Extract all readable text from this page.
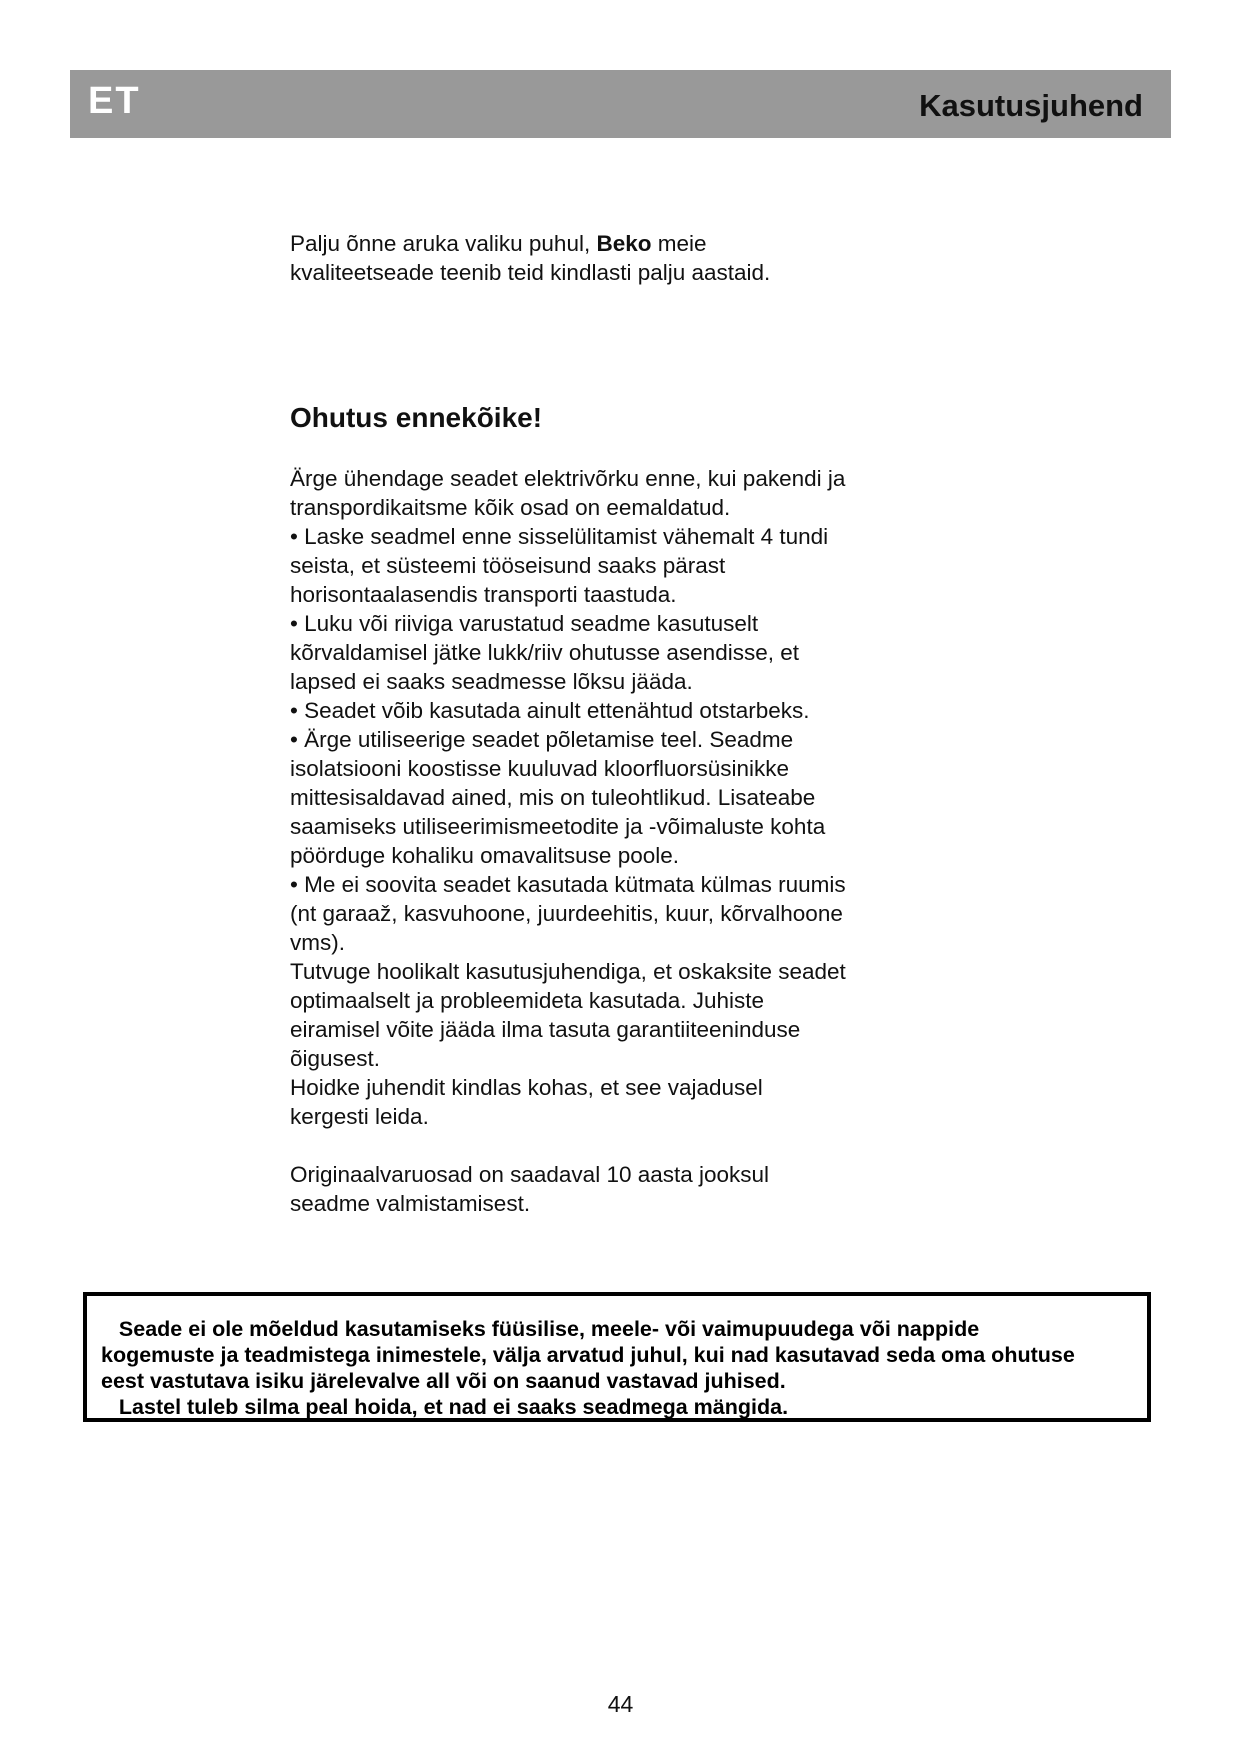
ET	Kasutusjuhend

Palju õnne aruka valiku puhul, Beko meie

kvaliteetseade teenib teid kindlasti palju aastaid.

Ohutus ennekõike!

Ärge ühendage seadet elektrivõrku enne, kui pakendi ja

transpordikaitsme kõik osad on eemaldatud.

• Laske seadmel enne sisselülitamist vähemalt 4 tundi

seista, et süsteemi tööseisund saaks pärast

horisontaalasendis transporti taastuda.

• Luku või riiviga varustatud seadme kasutuselt

kõrvaldamisel jätke lukk/riiv ohutusse asendisse, et

lapsed ei saaks seadmesse lõksu jääda.

• Seadet võib kasutada ainult ettenähtud otstarbeks.

• Ärge utiliseerige seadet põletamise teel. Seadme

isolatsiooni koostisse kuuluvad kloorfluorsüsinikke

mittesisaldavad ained, mis on tuleohtlikud. Lisateabe

saamiseks utiliseerimismeetodite ja -võimaluste kohta

pöörduge kohaliku omavalitsuse poole.

• Me ei soovita seadet kasutada kütmata külmas ruumis

(nt garaaž, kasvuhoone, juurdeehitis, kuur, kõrvalhoone

vms).

Tutvuge hoolikalt kasutusjuhendiga, et oskaksite seadet

optimaalselt ja probleemideta kasutada. Juhiste

eiramisel võite jääda ilma tasuta garantiiteeninduse

õigusest.

Hoidke juhendit kindlas kohas, et see vajadusel

kergesti leida.

Originaalvaruosad on saadaval 10 aasta jooksul

seadme valmistamisest.

Seade ei ole mõeldud kasutamiseks füüsilise, meele- või vaimupuudega või nappide

kogemuste ja teadmistega inimestele, välja arvatud juhul, kui nad kasutavad seda oma ohutuse

eest vastutava isiku järelevalve all või on saanud vastavad juhised.

Lastel tuleb silma peal hoida, et nad ei saaks seadmega mängida.

44
